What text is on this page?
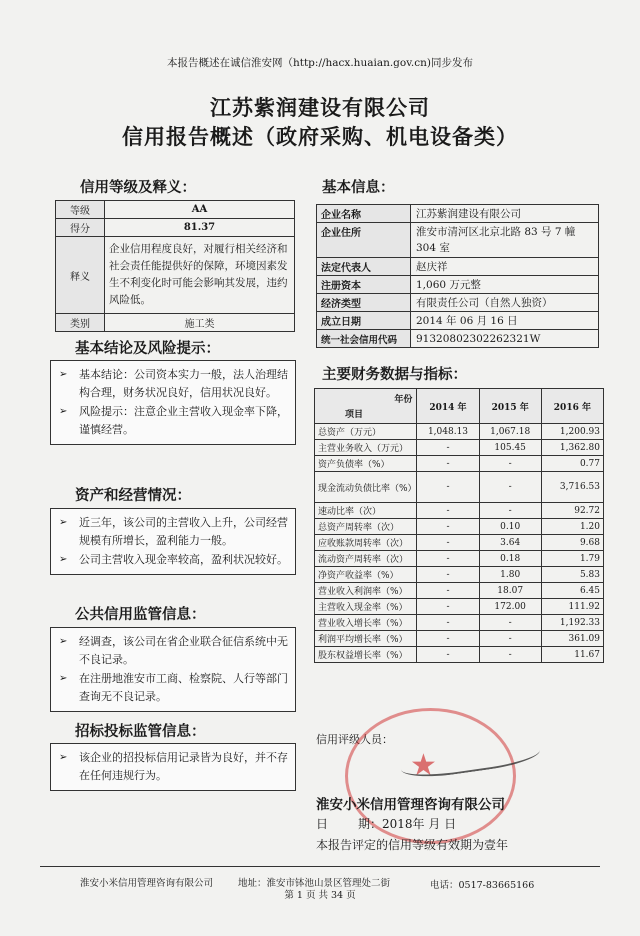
本报告概述在诚信淮安网（http://hacx.huaian.gov.cn)同步发布
江苏紫润建设有限公司
信用报告概述（政府采购、机电设备类）
信用等级及释义：
等级	AA
得分	81.37
释义	企业信用程度良好，对履行相关经济和社会责任能提供好的保障，环境因素发生不利变化时可能会影响其发展，违约风险低。
类别	施工类
基本信息：
企业名称	江苏紫润建设有限公司
企业住所	淮安市清河区北京北路 83 号 7 幢 304 室
法定代表人	赵庆祥
注册资本	1,060 万元整
经济类型	有限责任公司（自然人独资）
成立日期	2014 年 06 月 16 日
统一社会信用代码	91320802302262321W
基本结论及风险提示：
➢ 基本结论：公司资本实力一般，法人治理结构合理，财务状况良好，信用状况良好。
➢ 风险提示：注意企业主营收入现金率下降，谨慎经营。
资产和经营情况：
➢ 近三年，该公司的主营收入上升，公司经营规模有所增长，盈利能力一般。
➢ 公司主营收入现金率较高，盈利状况较好。
公共信用监管信息：
➢ 经调查，该公司在省企业联合征信系统中无不良记录。
➢ 在注册地淮安市工商、检察院、人行等部门查询无不良记录。
招标投标监管信息：
➢ 该企业的招投标信用记录皆为良好，并不存在任何违规行为。
主要财务数据与指标：
年份
项目	2014 年	2015 年	2016 年
总资产（万元）	1,048.13	1,067.18	1,200.93
主营业务收入（万元）	-	105.45	1,362.80
资产负债率（%）	-	-	0.77
现金流动负债比率（%）	-	-	3,716.53
速动比率（次）	-	-	92.72
总资产周转率（次）	-	0.10	1.20
应收账款周转率（次）	-	3.64	9.68
流动资产周转率（次）	-	0.18	1.79
净资产收益率（%）	-	1.80	5.83
营业收入利润率（%）	-	18.07	6.45
主营收入现金率（%）	-	172.00	111.92
营业收入增长率（%）	-	-	1,192.33
利润平均增长率（%）	-	-	361.09
股东权益增长率（%）	-	-	11.67
信用评级人员：
★
淮安小米信用管理咨询有限公司
日	期：2018年 月 日
本报告评定的信用等级有效期为壹年
淮安小米信用管理咨询有限公司	地址：淮安市钵池山景区管理处二街	电话：0517-83665166
第 1 页 共 34 页
